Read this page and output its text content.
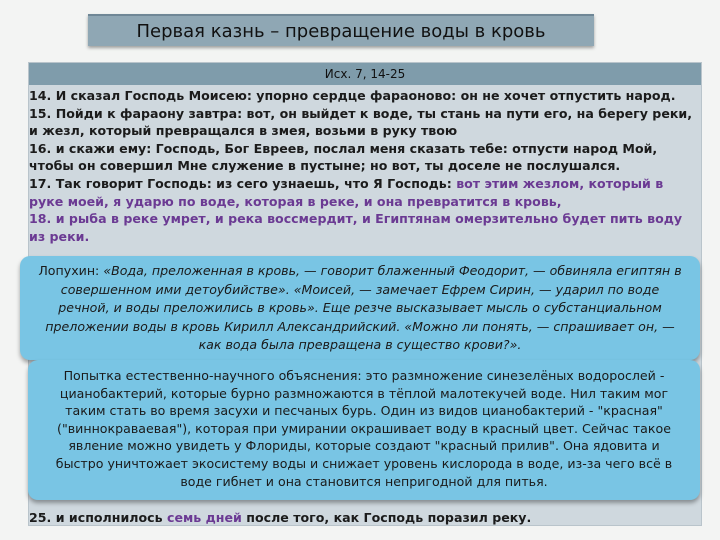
Первая казнь – превращение воды в кровь
Исх. 7, 14-25

14. И сказал Господь Моисею: упорно сердце фараоново: он не хочет отпустить народ.

15. Пойди к фараону завтра: вот, он выйдет к воде, ты стань на пути его, на берегу реки, и жезл, который превращался в змея, возьми в руку твою

16. и скажи ему: Господь, Бог Евреев, послал меня сказать тебе: отпусти народ Мой, чтобы он совершил Мне служение в пустыне; но вот, ты доселе не послушался.

17. Так говорит Господь: из сего узнаешь, что Я Господь: вот этим жезлом, который в руке моей, я ударю по воде, которая в реке, и она превратится в кровь,

18. и рыба в реке умрет, и река воссмердит, и Египтянам омерзительно будет пить воду из реки.

25. и исполнилось семь дней после того, как Господь поразил реку.

Лопухин: «Вода, преложенная в кровь, — говорит блаженный Феодорит, — обвиняла египтян в совершенном ими детоубийстве». «Моисей, — замечает Ефрем Сирин, — ударил по воде речной, и воды преложились в кровь». Еще резче высказывает мысль о субстанциальном преложении воды в кровь Кирилл Александрийский. «Можно ли понять, — спрашивает он, — как вода была превращена в существо крови?».

Попытка естественно-научного объяснения: это размножение синезелёных водорослей - цианобактерий, которые бурно размножаются в тёплой малотекучей воде. Нил таким мог таким стать во время засухи и песчаных бурь. Один из видов цианобактерий - "красная" ("виннокраваевая"), которая при умирании окрашивает воду в красный цвет. Сейчас такое явление можно увидеть у Флориды, которые создают "красный прилив". Она ядовита и быстро уничтожает экосистему воды и снижает уровень кислорода в воде, из-за чего всё в воде гибнет и она становится непригодной для питья.
